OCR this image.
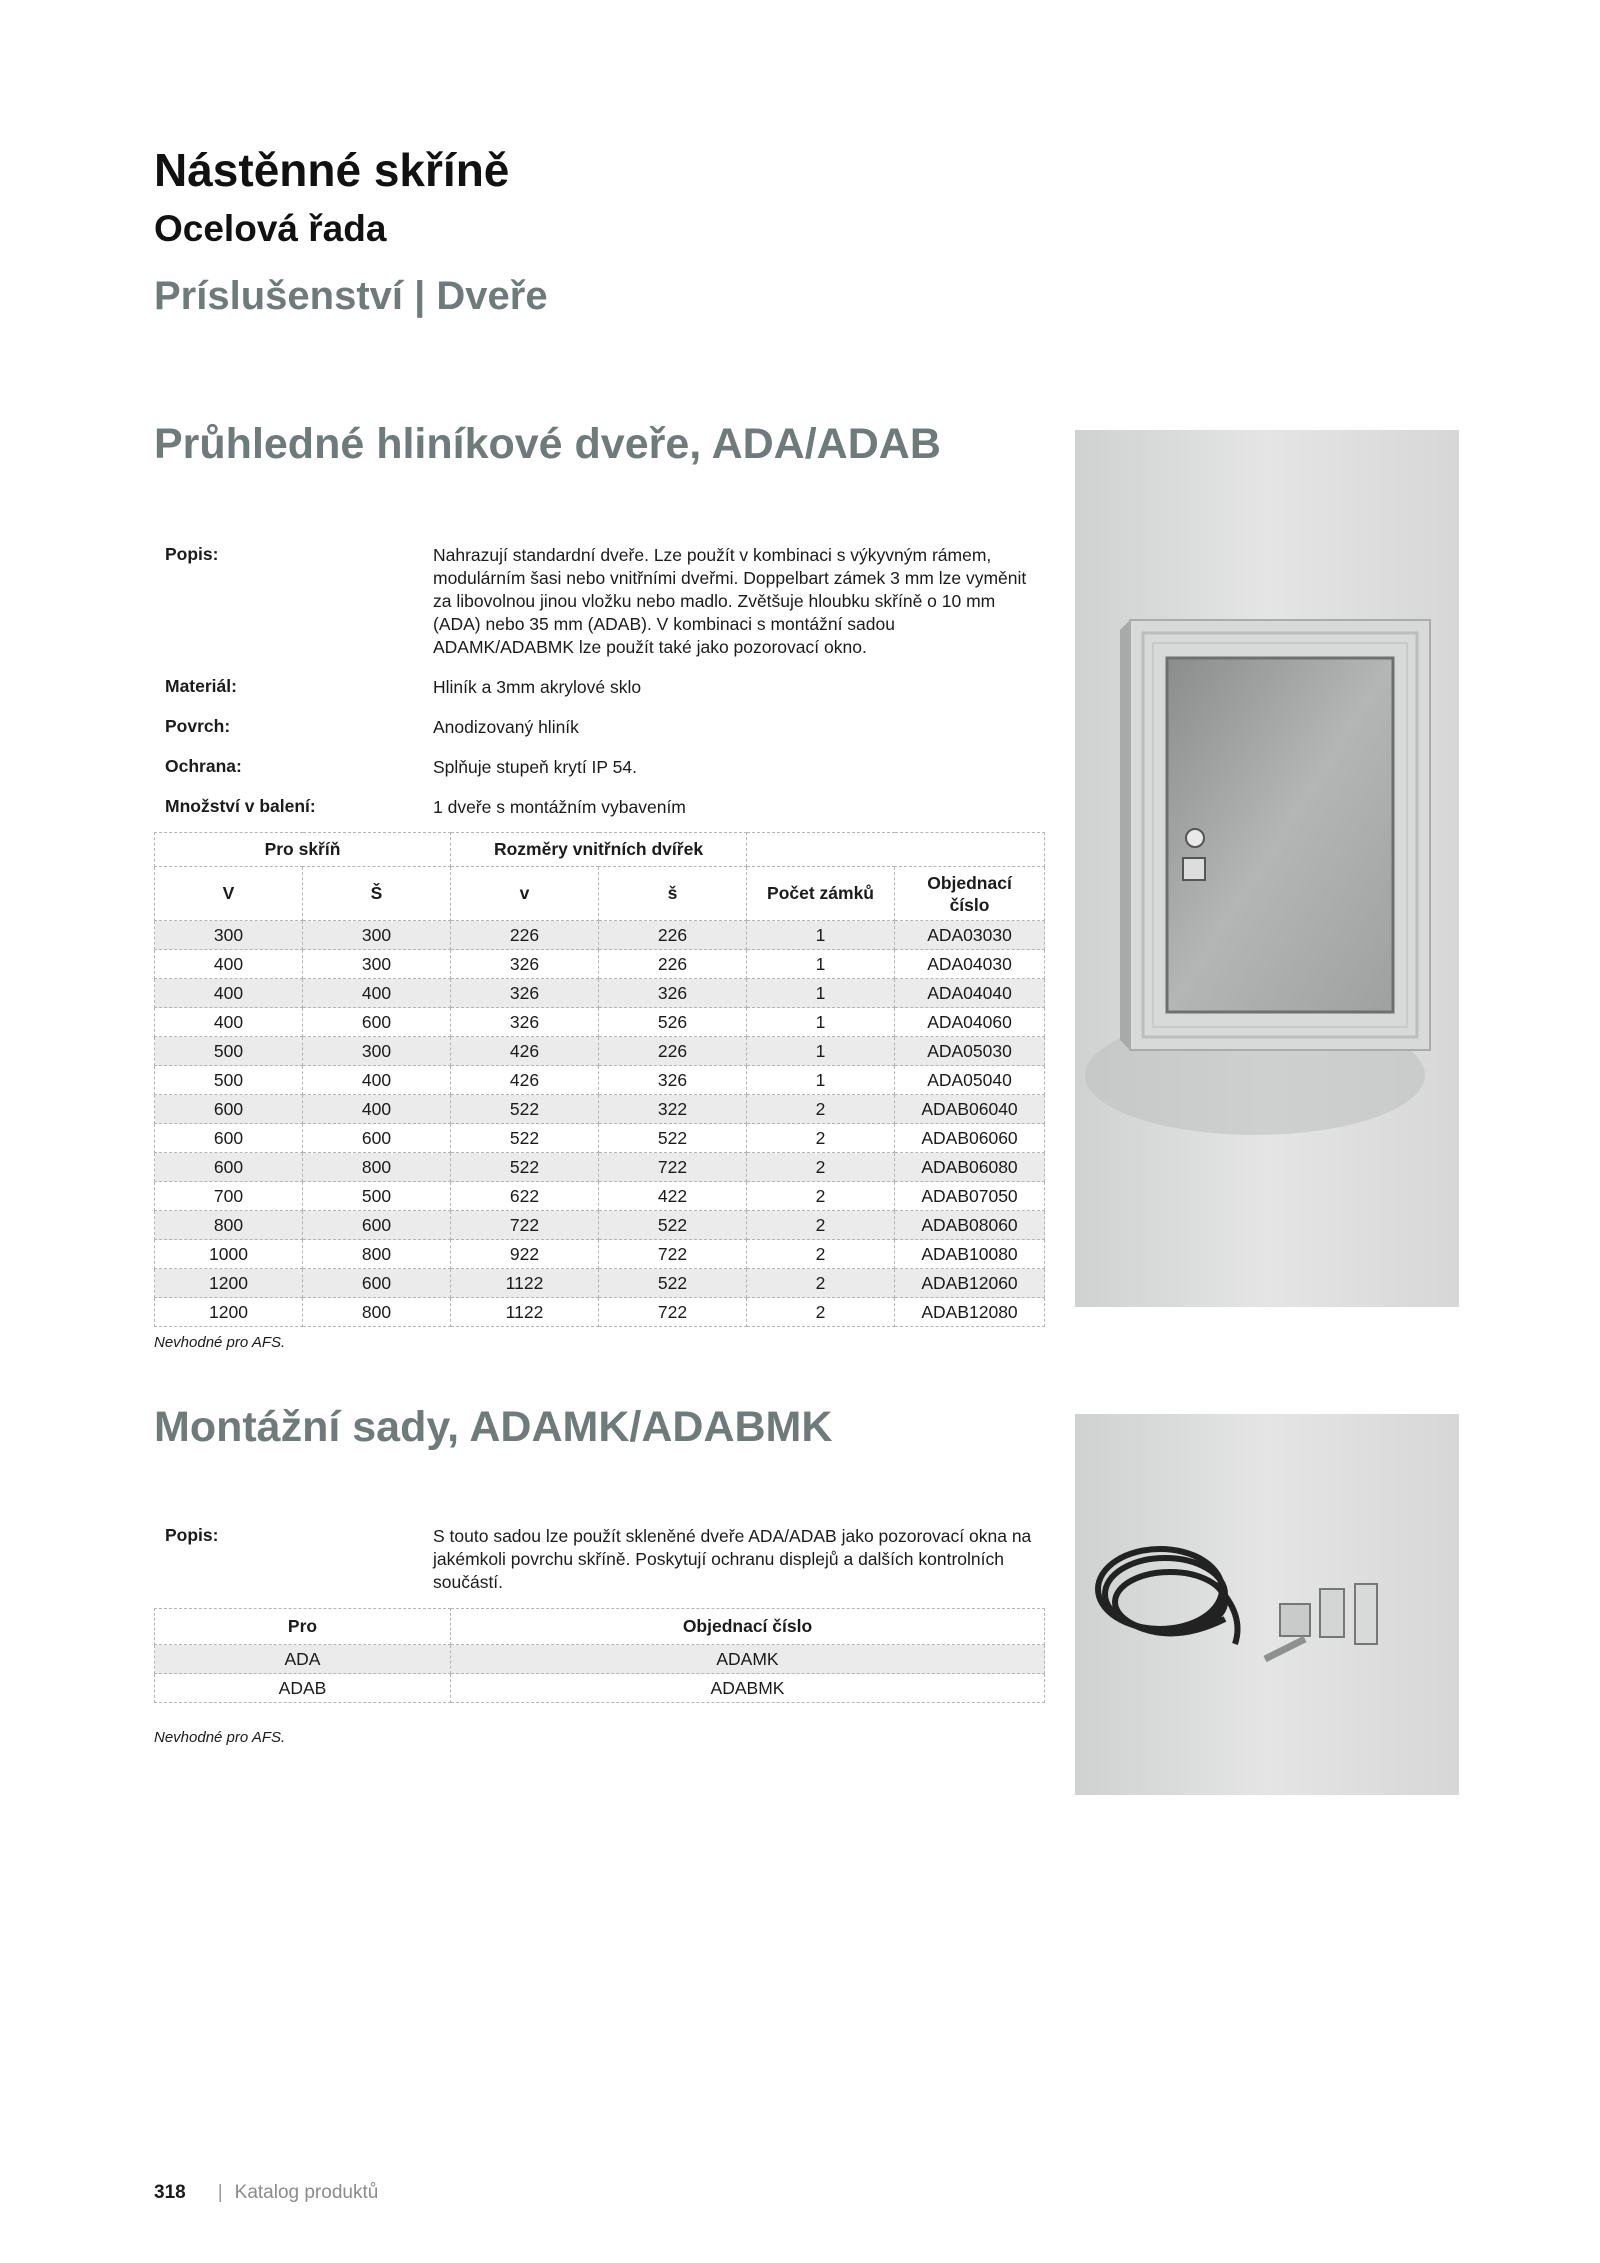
Nástěnné skříně
Ocelová řada
Príslušenství | Dveře
Průhledné hliníkové dveře, ADA/ADAB
Popis:	Nahrazují standardní dveře. Lze použít v kombinaci s výkyvným rámem, modulárním šasi nebo vnitřními dveřmi. Doppelbart zámek 3 mm lze vyměnit za libovolnou jinou vložku nebo madlo. Zvětšuje hloubku skříně o 10 mm (ADA) nebo 35 mm (ADAB). V kombinaci s montážní sadou ADAMK/ADABMK lze použít také jako pozorovací okno.
Materiál:	Hliník a 3mm akrylové sklo
Povrch:	Anodizovaný hliník
Ochrana:	Splňuje stupeň krytí IP 54.
Množství v balení:	1 dveře s montážním vybavením
Pro skříň		Rozměry vnitřních dvířek			
V	Š	v	š	Počet zámků	Objednací číslo
300	300	226	226	1	ADA03030
400	300	326	226	1	ADA04030
400	400	326	326	1	ADA04040
400	600	326	526	1	ADA04060
500	300	426	226	1	ADA05030
500	400	426	326	1	ADA05040
600	400	522	322	2	ADAB06040
600	600	522	522	2	ADAB06060
600	800	522	722	2	ADAB06080
700	500	622	422	2	ADAB07050
800	600	722	522	2	ADAB08060
1000	800	922	722	2	ADAB10080
1200	600	1122	522	2	ADAB12060
1200	800	1122	722	2	ADAB12080
Nevhodné pro AFS.
Montážní sady, ADAMK/ADABMK
Popis:	S touto sadou lze použít skleněné dveře ADA/ADAB jako pozorovací okna na jakémkoli povrchu skříně. Poskytují ochranu displejů a dalších kontrolních součástí.
Pro	Objednací číslo
ADA	ADAMK
ADAB	ADABMK
Nevhodné pro AFS.
318 | Katalog produktů
